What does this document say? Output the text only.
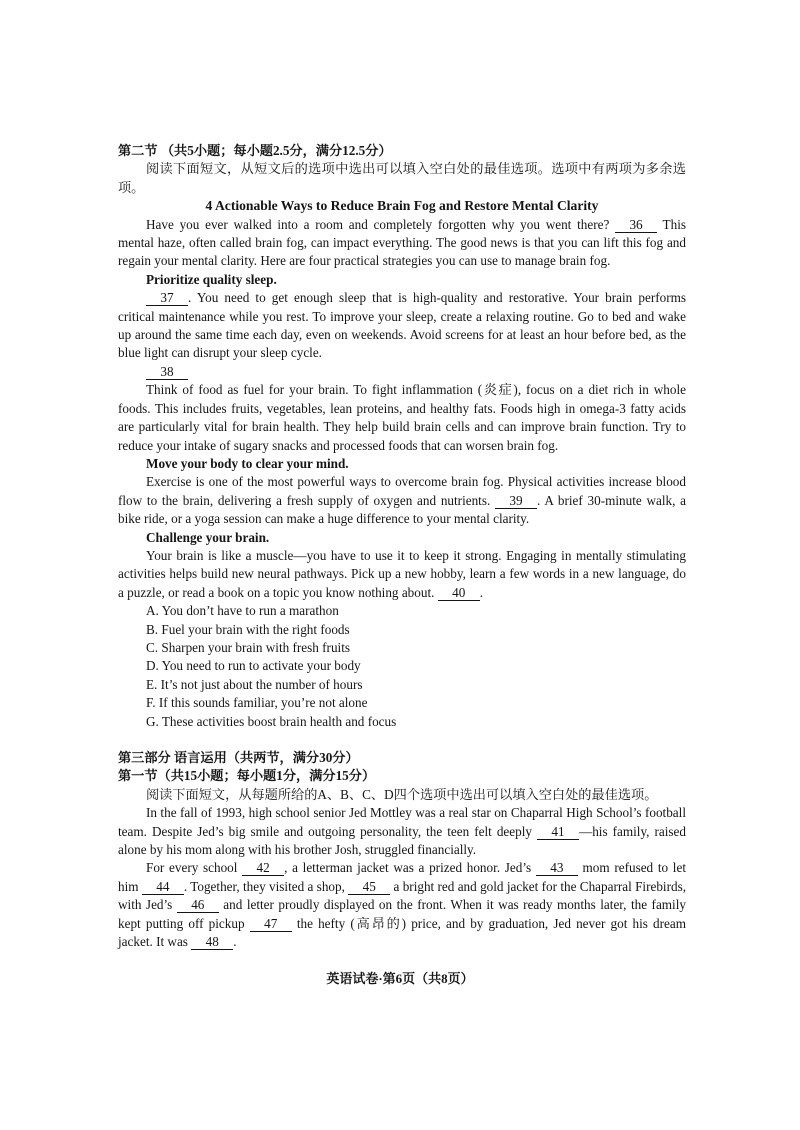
第二节 （共5小题；每小题2.5分，满分12.5分）

阅读下面短文，从短文后的选项中选出可以填入空白处的最佳选项。选项中有两项为多余选项。

4 Actionable Ways to Reduce Brain Fog and Restore Mental Clarity

Have you ever walked into a room and completely forgotten why you went there? 36 This mental haze, often called brain fog, can impact everything. The good news is that you can lift this fog and regain your mental clarity. Here are four practical strategies you can use to manage brain fog.

Prioritize quality sleep.

37 . You need to get enough sleep that is high-quality and restorative. Your brain performs critical maintenance while you rest. To improve your sleep, create a relaxing routine. Go to bed and wake up around the same time each day, even on weekends. Avoid screens for at least an hour before bed, as the blue light can disrupt your sleep cycle.

38

Think of food as fuel for your brain. To fight inflammation (炎症), focus on a diet rich in whole foods. This includes fruits, vegetables, lean proteins, and healthy fats. Foods high in omega-3 fatty acids are particularly vital for brain health. They help build brain cells and can improve brain function. Try to reduce your intake of sugary snacks and processed foods that can worsen brain fog.

Move your body to clear your mind.

Exercise is one of the most powerful ways to overcome brain fog. Physical activities increase blood flow to the brain, delivering a fresh supply of oxygen and nutrients. 39 . A brief 30-minute walk, a bike ride, or a yoga session can make a huge difference to your mental clarity.

Challenge your brain.

Your brain is like a muscle—you have to use it to keep it strong. Engaging in mentally stimulating activities helps build new neural pathways. Pick up a new hobby, learn a few words in a new language, do a puzzle, or read a book on a topic you know nothing about. 40 .

A. You don’t have to run a marathon

B. Fuel your brain with the right foods

C. Sharpen your brain with fresh fruits

D. You need to run to activate your body

E. It’s not just about the number of hours

F. If this sounds familiar, you’re not alone

G. These activities boost brain health and focus

第三部分 语言运用（共两节，满分30分）

第一节（共15小题；每小题1分，满分15分）

阅读下面短文，从每题所给的A、B、C、D四个选项中选出可以填入空白处的最佳选项。

In the fall of 1993, high school senior Jed Mottley was a real star on Chaparral High School’s football team. Despite Jed’s big smile and outgoing personality, the teen felt deeply 41 —his family, raised alone by his mom along with his brother Josh, struggled financially.

For every school 42 , a letterman jacket was a prized honor. Jed’s 43 mom refused to let him 44 . Together, they visited a shop, 45 a bright red and gold jacket for the Chaparral Firebirds, with Jed’s 46 and letter proudly displayed on the front. When it was ready months later, the family kept putting off pickup 47 the hefty (高昂的) price, and by graduation, Jed never got his dream jacket. It was 48 .

英语试卷·第6页（共8页）
